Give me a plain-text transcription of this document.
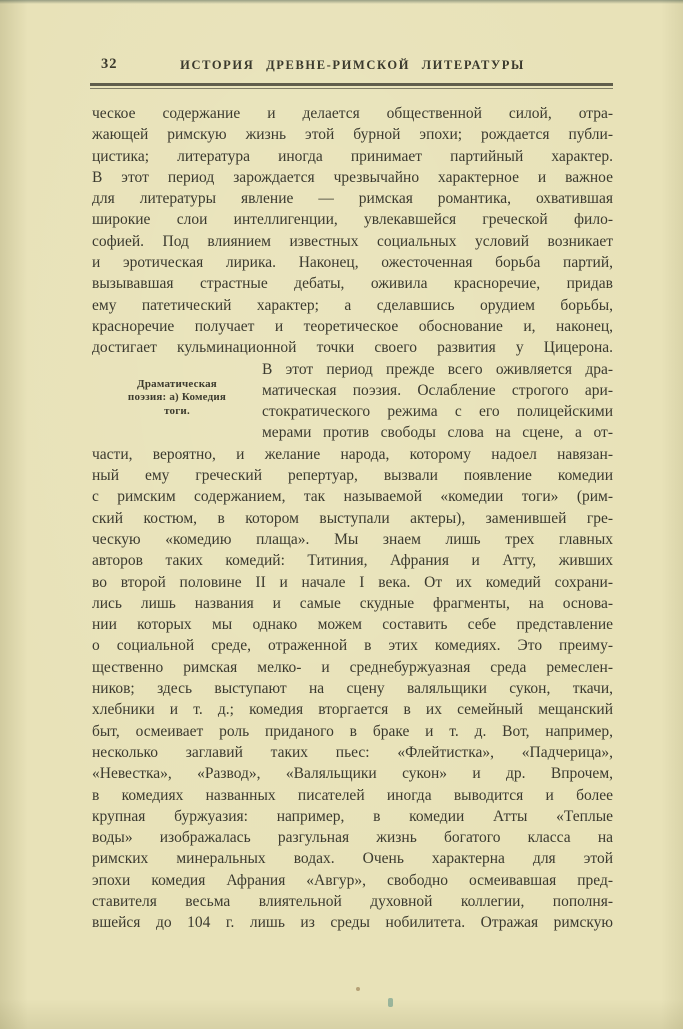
32	ИСТОРИЯ ДРЕВНЕ-РИМСКОЙ ЛИТЕРАТУРЫ
ческое содержание и делается общественной силой, отра-
жающей римскую жизнь этой бурной эпохи; рождается публи-
цистика; литература иногда принимает партийный характер.
В этот период зарождается чрезвычайно характерное и важное
для литературы явление — римская романтика, охватившая
широкие слои интеллигенции, увлекавшейся греческой фило-
софией. Под влиянием известных социальных условий возникает
и эротическая лирика. Наконец, ожесточенная борьба партий,
вызывавшая страстные дебаты, оживила красноречие, придав
ему патетический характер; а сделавшись орудием борьбы,
красноречие получает и теоретическое обоснование и, наконец,
достигает кульминационной точки своего развития у Цицерона.
Драматическая
поэзия: а) Комедия
тоги.
В этот период прежде всего оживляется дра-
матическая поэзия. Ослабление строгого ари-
стократического режима с его полицейскими
мерами против свободы слова на сцене, а от-
части, вероятно, и желание народа, которому надоел навязан-
ный ему греческий репертуар, вызвали появление комедии
с римским содержанием, так называемой «комедии тоги» (рим-
ский костюм, в котором выступали актеры), заменившей гре-
ческую «комедию плаща». Мы знаем лишь трех главных
авторов таких комедий: Титиния, Афрания и Атту, живших
во второй половине II и начале I века. От их комедий сохрани-
лись лишь названия и самые скудные фрагменты, на основа-
нии которых мы однако можем составить себе представление
о социальной среде, отраженной в этих комедиях. Это преиму-
щественно римская мелко- и среднебуржуазная среда ремеслен-
ников; здесь выступают на сцену валяльщики сукон, ткачи,
хлебники и т. д.; комедия вторгается в их семейный мещанский
быт, осмеивает роль приданого в браке и т. д. Вот, например,
несколько заглавий таких пьес: «Флейтистка», «Падчерица»,
«Невестка», «Развод», «Валяльщики сукон» и др. Впрочем,
в комедиях названных писателей иногда выводится и более
крупная буржуазия: например, в комедии Атты «Теплые
воды» изображалась разгульная жизнь богатого класса на
римских минеральных водах. Очень характерна для этой
эпохи комедия Афрания «Авгур», свободно осмеивавшая пред-
ставителя весьма влиятельной духовной коллегии, пополня-
вшейся до 104 г. лишь из среды нобилитета. Отражая римскую
